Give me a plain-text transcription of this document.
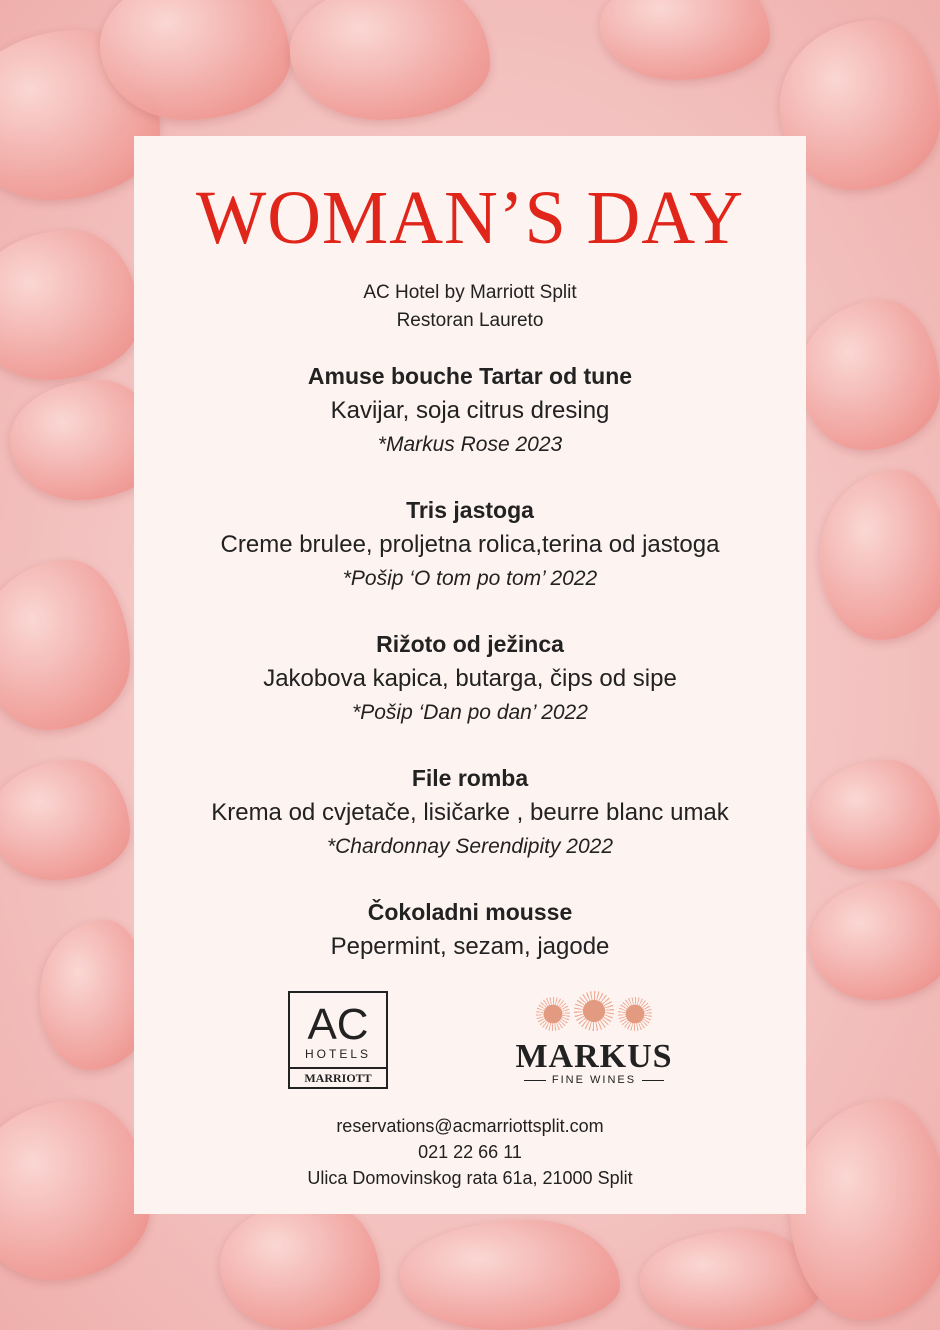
WOMAN’S DAY
AC Hotel by Marriott Split
Restoran Laureto
Amuse bouche Tartar od tune
Kavijar, soja citrus dresing
*Markus Rose 2023
Tris jastoga
Creme brulee, proljetna rolica,terina od jastoga
*Pošip ‘O tom po tom’ 2022
Rižoto od ježinca
Jakobova kapica, butarga, čips od sipe
*Pošip ‘Dan po dan’ 2022
File romba
Krema od cvjetače, lisičarke , beurre blanc umak
*Chardonnay Serendipity 2022
Čokoladni mousse
Pepermint, sezam, jagode
AC
HOTELS
MARRIOTT

MARKUS
FINE WINES
reservations@acmarriottsplit.com
021 22 66 11
Ulica Domovinskog rata 61a, 21000 Split
